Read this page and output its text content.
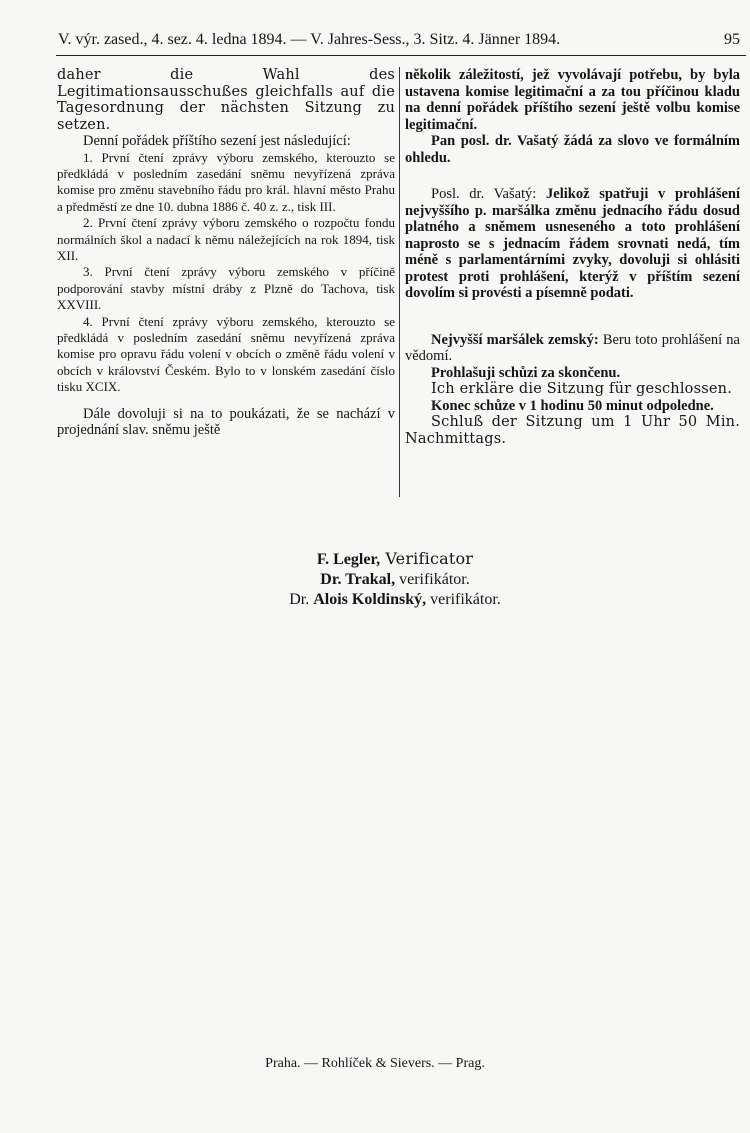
V. výr. zased., 4. sez. 4. ledna 1894. — V. Jahres-Sess., 3. Sitz. 4. Jänner 1894.	95

daher die Wahl des Legitimationsausschußes gleichfalls auf die Tagesordnung der nächsten Sitzung zu setzen.

Denní pořádek příštího sezení jest následující:

1. První čtení zprávy výboru zemského, kterouzto se předkládá v posledním zasedání sněmu nevyřízená zpráva komise pro změnu stavebního řádu pro král. hlavní město Prahu a předměstí ze dne 10. dubna 1886 č. 40 z. z., tisk III.

2. První čtení zprávy výboru zemského o rozpočtu fondu normálních škol a nadací k němu náležejících na rok 1894, tisk XII.

3. První čtení zprávy výboru zemského v příčině podporování stavby místní dráby z Plzně do Tachova, tisk XXVIII.

4. První čtení zprávy výboru zemského, kterouzto se předkládá v posledním zasedání sněmu nevyřízená zpráva komise pro opravu řádu volení v obcích o změně řádu volení v obcích v království Českém. Bylo to v lonském zasedání číslo tisku XCIX.

Dále dovoluji si na to poukázati, že se nachází v projednání slav. sněmu ještě

několik záležitostí, jež vyvolávají potřebu, by byla ustavena komise legitimační a za tou příčinou kladu na denní pořádek příštího sezení ještě volbu komise legitimační.

Pan posl. dr. Vašatý žádá za slovo ve formálním ohledu.

Posl. dr. Vašatý: Jelikož spatřuji v prohlášení nejvyššího p. maršálka změnu jednacího řádu dosud platného a sněmem usneseného a toto prohlášení naprosto se s jednacím řádem srovnati nedá, tím méně s parlamentárními zvyky, dovoluji si ohlásiti protest proti prohlášení, kterýž v příštím sezení dovolím si provésti a písemně podati.

Nejvyšší maršálek zemský: Beru toto prohlášení na vědomí.

Prohlašuji schůzi za skončenu.

Ich erkläre die Sitzung für geschlossen.

Konec schůze v 1 hodinu 50 minut odpoledne.

Schluß der Sitzung um 1 Uhr 50 Min. Nachmittags.

F. Legler, Verificator
Dr. Trakal, verifikátor.
Dr. Alois Koldinský, verifikátor.
Praha. — Rohlíček & Sievers. — Prag.
